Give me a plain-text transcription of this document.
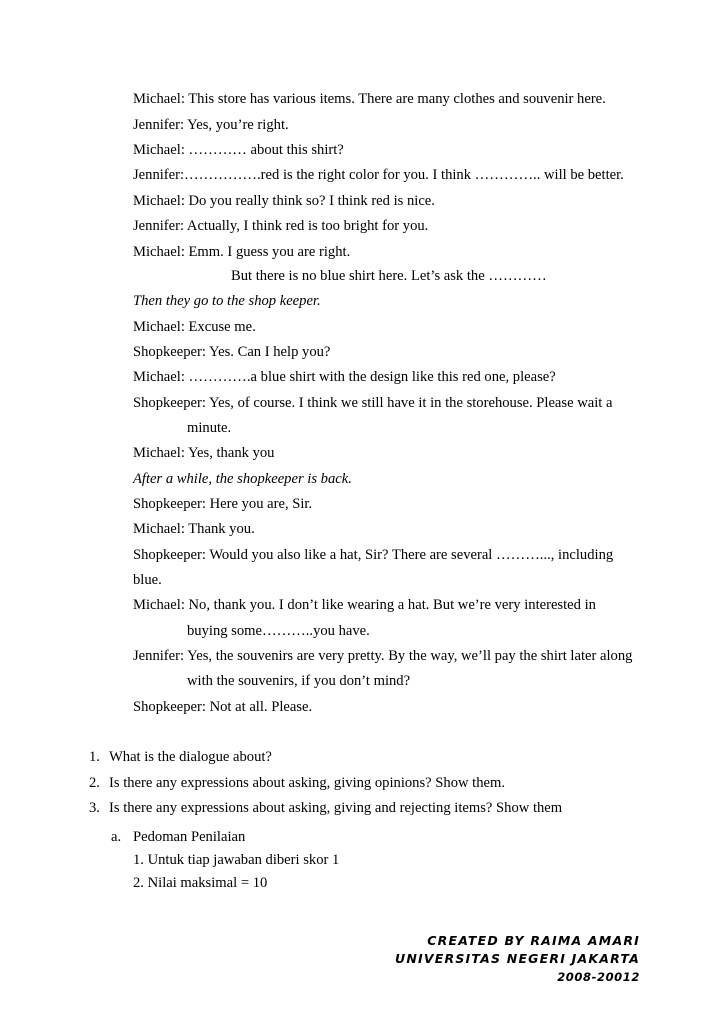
Michael: This store has various items. There are many clothes and souvenir here.
Jennifer: Yes, you’re right.
Michael: ………… about this shirt?
Jennifer:…………….red is the right color for you. I think ………….. will be better.
Michael: Do you really think so? I think red is nice.
Jennifer: Actually, I think red is too bright for you.
Michael: Emm. I guess you are right.
But there is no blue shirt here. Let’s ask the …………
Then they go to the shop keeper.
Michael: Excuse me.
Shopkeeper: Yes. Can I help you?
Michael: ………….a blue shirt with the design like this red one, please?
Shopkeeper: Yes, of course. I think we still have it in the storehouse. Please wait a
minute.
Michael: Yes, thank you
After a while, the shopkeeper is back.
Shopkeeper: Here you are, Sir.
Michael: Thank you.
Shopkeeper: Would you also like a hat, Sir? There are several ………..., including
blue.
Michael: No, thank you. I don’t like wearing a hat. But we’re very interested in
buying some………..you have.
Jennifer: Yes, the souvenirs are very pretty. By the way, we’ll pay the shirt later along
with the souvenirs, if you don’t mind?
Shopkeeper: Not at all. Please.
1. What is the dialogue about?
2. Is there any expressions about asking, giving opinions? Show them.
3. Is there any expressions about asking, giving and rejecting items? Show them
a. Pedoman Penilaian
1. Untuk tiap jawaban diberi skor 1
2. Nilai maksimal = 10
CREATED BY RAIMA AMARI
UNIVERSITAS NEGERI JAKARTA
2008-20012
